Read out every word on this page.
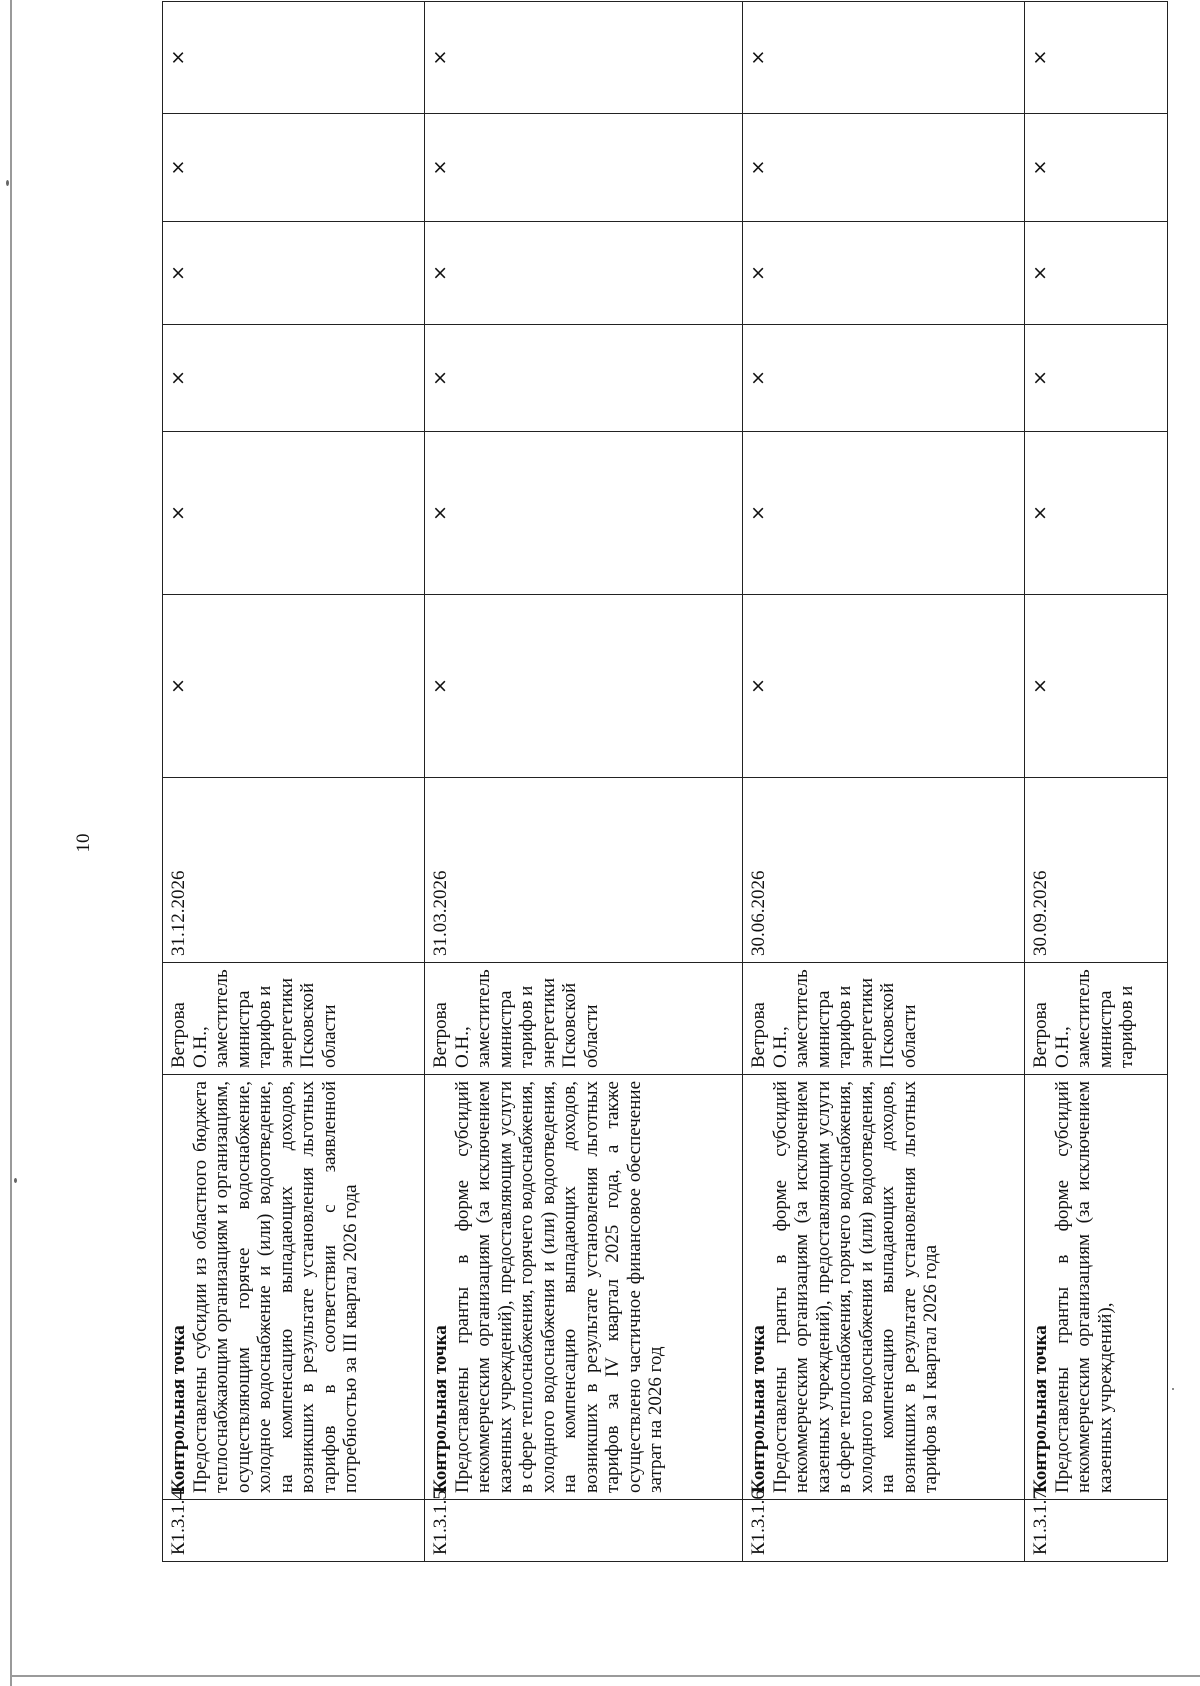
10
К1.3.1.4.	Контрольная точка Предоставлены субсидии из областного бюджета теплоснабжающим организациям и организациям, осуществляющим горячее водоснабжение, холодное водоснабжение и (или) водоотведение, на компенсацию выпадающих доходов, возникших в результате установления льготных тарифов в соответствии с заявленной потребностью за III квартал 2026 года	Ветрова О.Н., заместитель министра тарифов и энергетики Псковской области	31.12.2026	×	×	×	×	×	×
К1.3.1.5.	Контрольная точка Предоставлены гранты в форме субсидий некоммерческим организациям (за исключением казенных учреждений), предоставляющим услуги в сфере теплоснабжения, горячего водоснабжения, холодного водоснабжения и (или) водоотведения, на компенсацию выпадающих доходов, возникших в результате установления льготных тарифов за IV квартал 2025 года, а также осуществлено частичное финансовое обеспечение затрат на 2026 год	Ветрова О.Н., заместитель министра тарифов и энергетики Псковской области	31.03.2026	×	×	×	×	×	×
К1.3.1.6.	Контрольная точка Предоставлены гранты в форме субсидий некоммерческим организациям (за исключением казенных учреждений), предоставляющим услуги в сфере теплоснабжения, горячего водоснабжения, холодного водоснабжения и (или) водоотведения, на компенсацию выпадающих доходов, возникших в результате установления льготных тарифов за I квартал 2026 года	Ветрова О.Н., заместитель министра тарифов и энергетики Псковской области	30.06.2026	×	×	×	×	×	×
К1.3.1.7.	Контрольная точка Предоставлены гранты в форме субсидий некоммерческим организациям (за исключением казенных учреждений),	Ветрова О.Н., заместитель министра тарифов и	30.09.2026	×	×	×	×	×	×
